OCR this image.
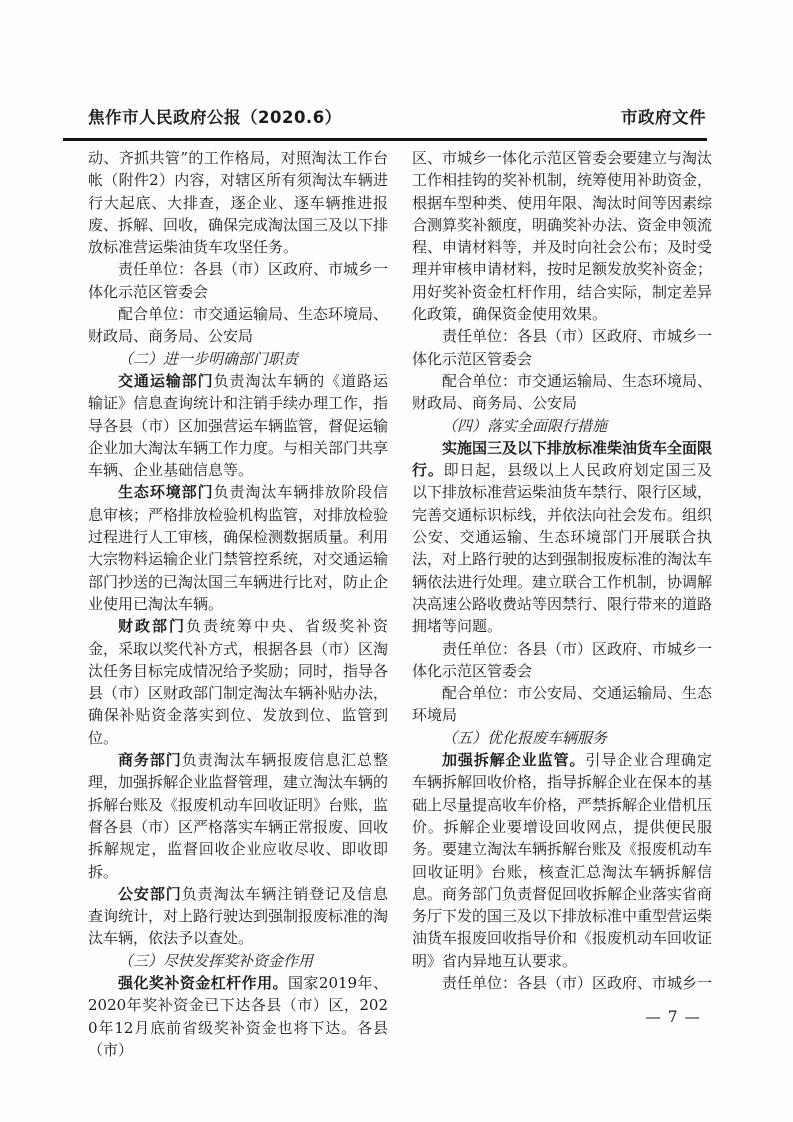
焦作市人民政府公报（2020.6）	市政府文件

动、齐抓共管”的工作格局，对照淘汰工作台帐（附件2）内容，对辖区所有须淘汰车辆进行大起底、大排查，逐企业、逐车辆推进报废、拆解、回收，确保完成淘汰国三及以下排放标准营运柴油货车攻坚任务。

责任单位：各县（市）区政府、市城乡一体化示范区管委会

配合单位：市交通运输局、生态环境局、财政局、商务局、公安局

（二）进一步明确部门职责

交通运输部门负责淘汰车辆的《道路运输证》信息查询统计和注销手续办理工作，指导各县（市）区加强营运车辆监管，督促运输企业加大淘汰车辆工作力度。与相关部门共享车辆、企业基础信息等。

生态环境部门负责淘汰车辆排放阶段信息审核；严格排放检验机构监管，对排放检验过程进行人工审核，确保检测数据质量。利用大宗物料运输企业门禁管控系统，对交通运输部门抄送的已淘汰国三车辆进行比对，防止企业使用已淘汰车辆。

财政部门负责统筹中央、省级奖补资金，采取以奖代补方式，根据各县（市）区淘汰任务目标完成情况给予奖励；同时，指导各县（市）区财政部门制定淘汰车辆补贴办法，确保补贴资金落实到位、发放到位、监管到位。

商务部门负责淘汰车辆报废信息汇总整理，加强拆解企业监督管理，建立淘汰车辆的拆解台账及《报废机动车回收证明》台账，监督各县（市）区严格落实车辆正常报废、回收拆解规定，监督回收企业应收尽收、即收即拆。

公安部门负责淘汰车辆注销登记及信息查询统计，对上路行驶达到强制报废标准的淘汰车辆，依法予以查处。

（三）尽快发挥奖补资金作用

强化奖补资金杠杆作用。国家2019年、2020年奖补资金已下达各县（市）区，2020年12月底前省级奖补资金也将下达。各县（市）

区、市城乡一体化示范区管委会要建立与淘汰工作相挂钩的奖补机制，统筹使用补助资金，根据车型种类、使用年限、淘汰时间等因素综合测算奖补额度，明确奖补办法、资金申领流程、申请材料等，并及时向社会公布；及时受理并审核申请材料，按时足额发放奖补资金；用好奖补资金杠杆作用，结合实际，制定差异化政策，确保资金使用效果。

责任单位：各县（市）区政府、市城乡一体化示范区管委会

配合单位：市交通运输局、生态环境局、财政局、商务局、公安局

（四）落实全面限行措施

实施国三及以下排放标准柴油货车全面限行。即日起，县级以上人民政府划定国三及以下排放标准营运柴油货车禁行、限行区域，完善交通标识标线，并依法向社会发布。组织公安、交通运输、生态环境部门开展联合执法，对上路行驶的达到强制报废标准的淘汰车辆依法进行处理。建立联合工作机制，协调解决高速公路收费站等因禁行、限行带来的道路拥堵等问题。

责任单位：各县（市）区政府、市城乡一体化示范区管委会

配合单位：市公安局、交通运输局、生态环境局

（五）优化报废车辆服务

加强拆解企业监管。引导企业合理确定车辆拆解回收价格，指导拆解企业在保本的基础上尽量提高收车价格，严禁拆解企业借机压价。拆解企业要增设回收网点，提供便民服务。要建立淘汰车辆拆解台账及《报废机动车回收证明》台账，核查汇总淘汰车辆拆解信息。商务部门负责督促回收拆解企业落实省商务厅下发的国三及以下排放标准中重型营运柴油货车报废回收指导价和《报废机动车回收证明》省内异地互认要求。

责任单位：各县（市）区政府、市城乡一

— 7 —
